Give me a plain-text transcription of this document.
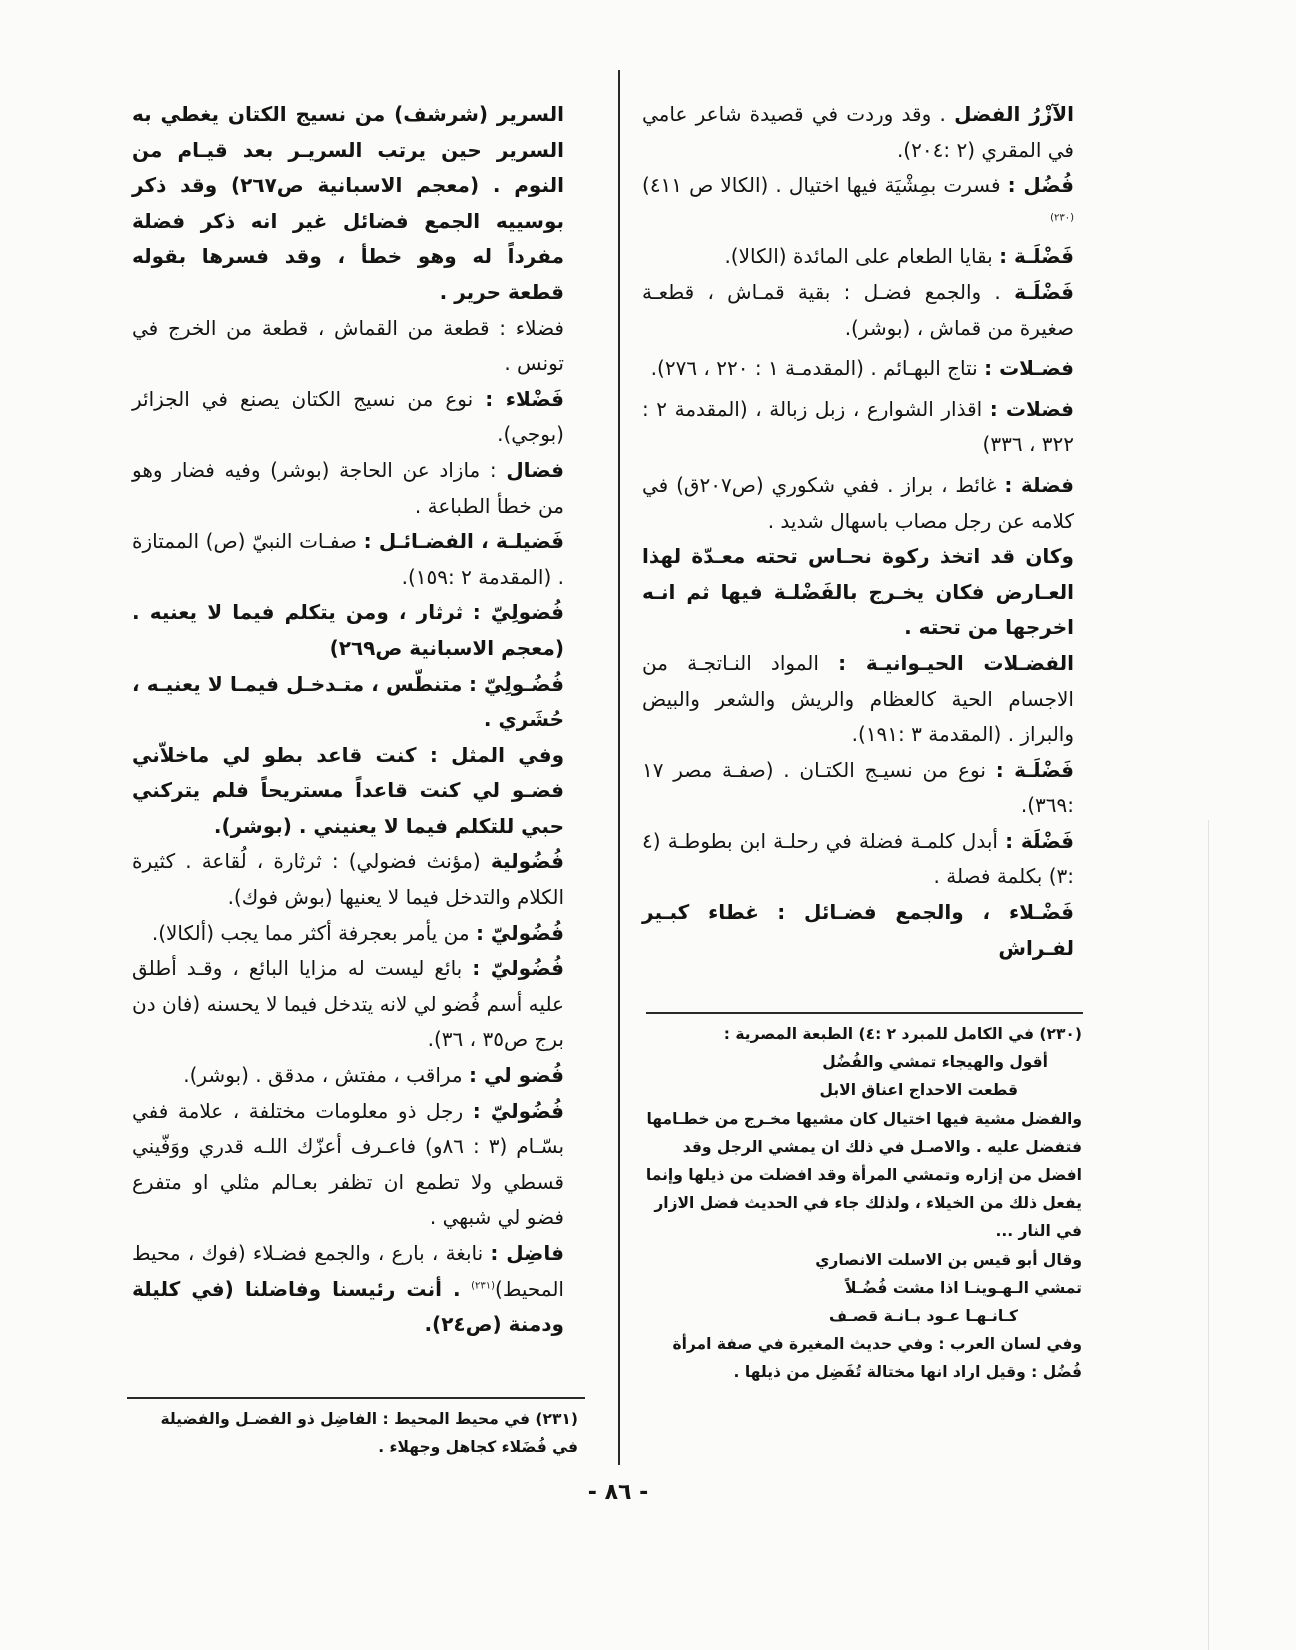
الآزْرُ الفضل . وقد وردت في قصيدة شاعر عامي في المقري (۲ :٢٠٤).

فُضُل : فسرت بمِشْيَة فيها اختيال . (الكالا ص ٤١١)$^{(٢٣٠)}$

فَضْلَـة : بقايا الطعام على المائدة (الكالا).

فَضْلَـة . والجمع فضـل : بقية قمـاش ، قطعـة صغيرة من قماش ، (بوشر).

فضـلات : نتاج البهـائم . (المقدمـة ١ : ٢٢٠ ، ٢٧٦).

فضلات : اقذار الشوارع ، زبل زبالة ، (المقدمة ۲ : ۳۲۲ ، ٣٣٦)

فضلة : غائط ، براز . ففي شكوري (ص٢٠٧ق) في كلامه عن رجل مصاب باسهال شديد .

وكان قد اتخذ ركوة نحـاس تحته معـدّة لهذا العـارض فكان يخـرج بالفَضْلـة فيها ثم انـه اخرجها من تحته .

الفضـلات الحيـوانيـة : المواد النـاتجـة من الاجسام الحية كالعظام والريش والشعر والبيض والبراز . (المقدمة ٣ :١٩١).

فَضْلَـة : نوع من نسيـج الكتـان . (صفـة مصر ١٧ :٣٦٩).

فَضْلَة : أبدل كلمـة فضلة في رحلـة ابن بطوطـة (٤ :٣) بكلمة فصلة .

فَضْـلاء ، والجمع فضـائل : غطاء كبـير لفـراش

السرير (شرشف) من نسيج الكتان يغطي به السرير حين يرتب السريـر بعد قيـام من النوم . (معجم الاسبانية ص٢٦٧) وقد ذكر بوسييه الجمع فضائل غير انه ذكر فضلة مفرداً له وهو خطأ ، وقد فسرها بقوله قطعة حرير .

فضلاء : قطعة من القماش ، قطعة من الخرج في تونس .

فَضْلاء : نوع من نسيج الكتان يصنع في الجزائر (بوجي).

فضال : مازاد عن الحاجة (بوشر) وفيه فضار وهو من خطأ الطباعة .

فَضيلـة ، الفضـائـل : صفـات النبيّ (ص) الممتازة . (المقدمة ۲ :١٥٩).

فُضولِيّ : ثرثار ، ومن يتكلم فيما لا يعنيه . (معجم الاسبانية ص٢٦٩)

فُضُـولِيّ : متنطّس ، متـدخـل فيمـا لا يعنيـه ، حُشَري .

وفي المثل : كنت قاعد بطو لي ماخلاّني فضـو لي كنت قاعداً مستريحاً فلم يتركني حبي للتكلم فيما لا يعنيني . (بوشر).

فُضُولية (مؤنث فضولي) : ثرثارة ، لُقاعة . كثيرة الكلام والتدخل فيما لا يعنيها (بوش فوك).

فُضُوليّ : من يأمر بعجرفة أكثر مما يجب (ألكالا).

فُضُوليّ : بائع ليست له مزايا البائع ، وقـد أطلق عليه أسم فُضو لي لانه يتدخل فيما لا يحسنه (فان دن برج ص٣٥ ، ٣٦).

فُضو لي : مراقب ، مفتش ، مدقق . (بوشر).

فُضُوليّ : رجل ذو معلومات مختلفة ، علامة ففي بسّـام (٣ : ٨٦و) فاعـرف أعزّك اللـه قدري ووَفّيني قسطي ولا تطمع ان تظفر بعـالم مثلي او متفرع فضو لي شبهي .

فاضِل : نابغة ، بارع ، والجمع فضـلاء (فوك ، محيط المحيط)$^{(٢٣١)}$ . أنت رئيسنا وفاضلنا (في كليلة ودمنة (ص٢٤).

(٢٣٠) في الكامل للمبرد ۲ :٤) الطبعة المصرية :

أقول والهيجاء تمشي والفُضُل

قطعت الاحداج اعناق الابل

والفضل مشية فيها اختيال كان مشيها مخـرج من خطـامها فتفضل عليه . والاصـل في ذلك ان يمشي الرجل وقد افضل من إزاره وتمشي المرأة وقد افضلت من ذيلها وإنما يفعل ذلك من الخيلاء ، ولذلك جاء في الحديث فضل الازار في النار ...

وقال أبو قيس بن الاسلت الانصاري

تمشي الـهـوينـا اذا مشت فُضُـلاً

كـانـهـا عـود بـانـة قصـف

وفي لسان العرب : وفي حديث المغيرة في صفة امرأة فُضُل : وقيل اراد انها مختالة تُفَضِل من ذيلها .

(٢٣١) في محيط المحيط : الفاضِل ذو الفضـل والفضيلة في فُضَلاء كجاهل وجهلاء .

- ٨٦ -
